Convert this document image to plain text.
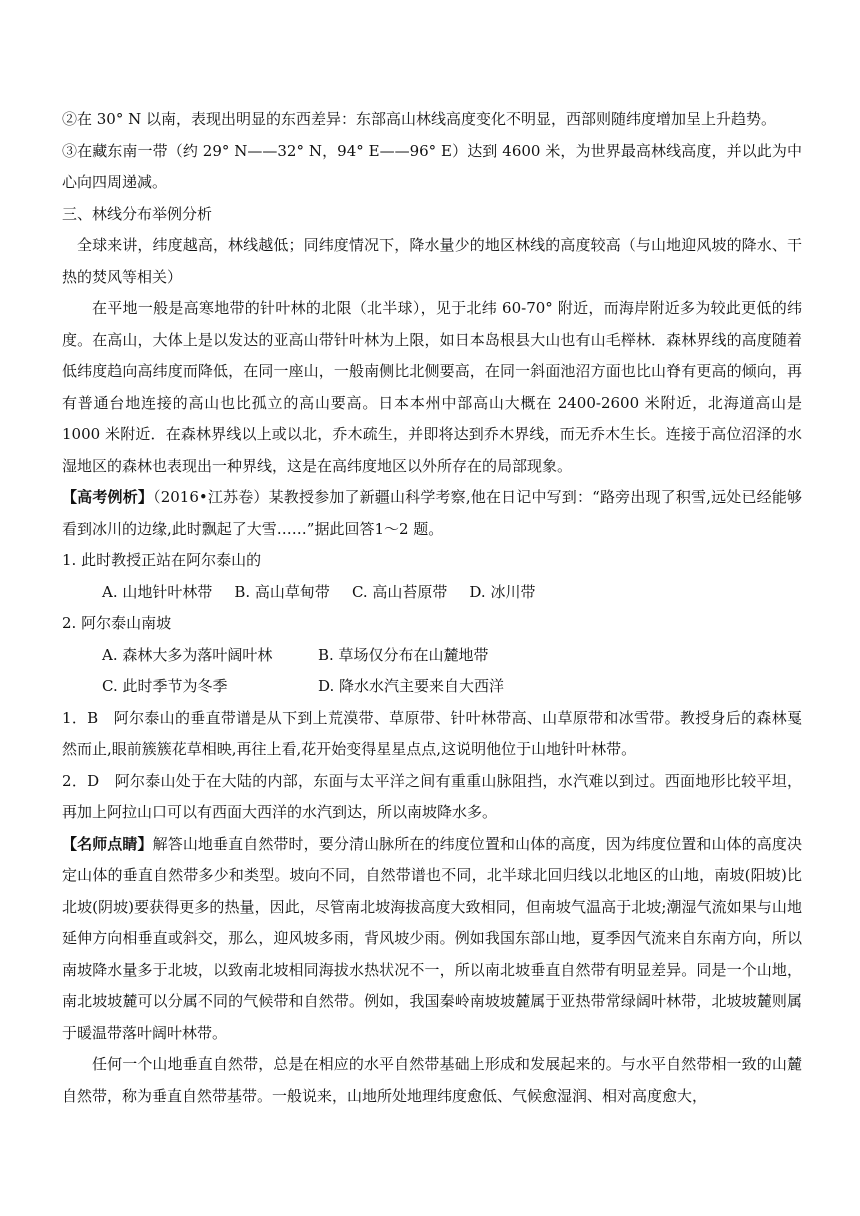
②在 30° N 以南，表现出明显的东西差异：东部高山林线高度变化不明显，西部则随纬度增加呈上升趋势。

③在藏东南一带（约 29° N——32° N，94° E——96° E）达到 4600 米，为世界最高林线高度，并以此为中心向四周递减。

三、林线分布举例分析

全球来讲，纬度越高，林线越低；同纬度情况下，降水量少的地区林线的高度较高（与山地迎风坡的降水、干热的焚风等相关）

在平地一般是高寒地带的针叶林的北限（北半球），见于北纬 60-70° 附近，而海岸附近多为较此更低的纬度。在高山，大体上是以发达的亚高山带针叶林为上限，如日本岛根县大山也有山毛榉林．森林界线的高度随着低纬度趋向高纬度而降低，在同一座山，一般南侧比北侧要高，在同一斜面池沼方面也比山脊有更高的倾向，再有普通台地连接的高山也比孤立的高山要高。日本本州中部高山大概在 2400-2600 米附近，北海道高山是 1000 米附近．在森林界线以上或以北，乔木疏生，并即将达到乔木界线，而无乔木生长。连接于高位沼泽的水湿地区的森林也表现出一种界线，这是在高纬度地区以外所存在的局部现象。

【高考例析】（2016•江苏卷）某教授参加了新疆山科学考察,他在日记中写到：“路旁出现了积雪,远处已经能够看到冰川的边缘,此时飘起了大雪……”据此回答1～2 题。

1. 此时教授正站在阿尔泰山的

A. 山地针叶林带 B. 高山草甸带 C. 高山苔原带 D. 冰川带

2. 阿尔泰山南坡

A. 森林大多为落叶阔叶林	B. 草场仅分布在山麓地带
C. 此时季节为冬季	D. 降水水汽主要来自大西洋

1．B　阿尔泰山的垂直带谱是从下到上荒漠带、草原带、针叶林带高、山草原带和冰雪带。教授身后的森林戛然而止,眼前簇簇花草相映,再往上看,花开始变得星星点点,这说明他位于山地针叶林带。

2．D　阿尔泰山处于在大陆的内部，东面与太平洋之间有重重山脉阻挡，水汽难以到过。西面地形比较平坦，再加上阿拉山口可以有西面大西洋的水汽到达，所以南坡降水多。

【名师点睛】解答山地垂直自然带时，要分清山脉所在的纬度位置和山体的高度，因为纬度位置和山体的高度决定山体的垂直自然带多少和类型。坡向不同，自然带谱也不同，北半球北回归线以北地区的山地，南坡(阳坡)比北坡(阴坡)要获得更多的热量，因此，尽管南北坡海拔高度大致相同，但南坡气温高于北坡;潮湿气流如果与山地延伸方向相垂直或斜交，那么，迎风坡多雨，背风坡少雨。例如我国东部山地，夏季因气流来自东南方向，所以南坡降水量多于北坡，以致南北坡相同海拔水热状况不一，所以南北坡垂直自然带有明显差异。同是一个山地，南北坡坡麓可以分属不同的气候带和自然带。例如，我国秦岭南坡坡麓属于亚热带常绿阔叶林带，北坡坡麓则属于暖温带落叶阔叶林带。

任何一个山地垂直自然带，总是在相应的水平自然带基础上形成和发展起来的。与水平自然带相一致的山麓自然带，称为垂直自然带基带。一般说来，山地所处地理纬度愈低、气候愈湿润、相对高度愈大，
